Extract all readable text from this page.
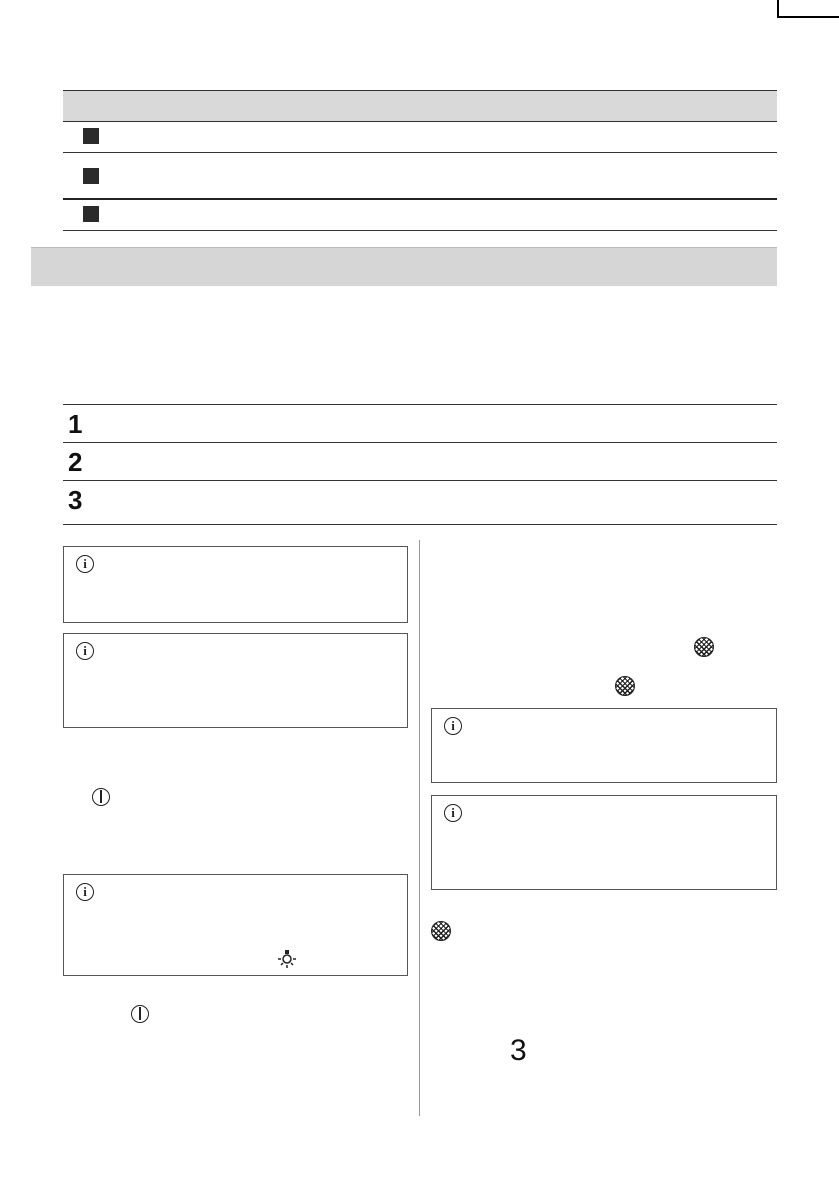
1
2
3
i
i
i
i
i
3
